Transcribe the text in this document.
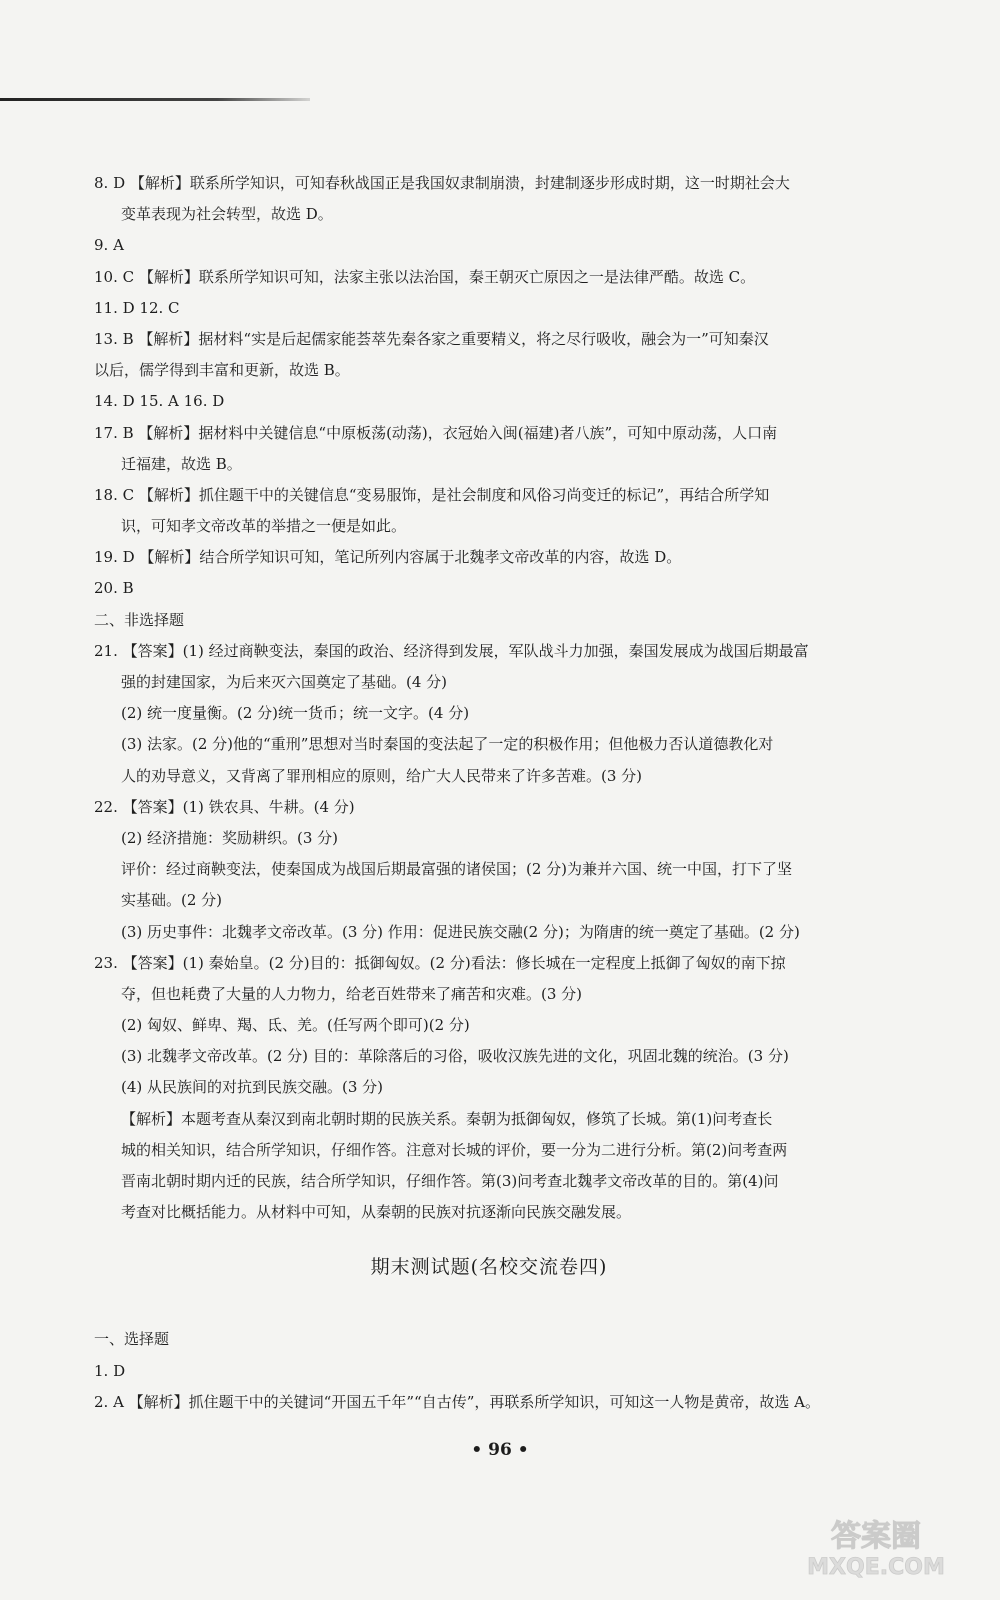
8. D 【解析】联系所学知识，可知春秋战国正是我国奴隶制崩溃，封建制逐步形成时期，这一时期社会大
变革表现为社会转型，故选 D。
9. A
10. C 【解析】联系所学知识可知，法家主张以法治国，秦王朝灭亡原因之一是法律严酷。故选 C。
11. D 12. C
13. B 【解析】据材料“实是后起儒家能荟萃先秦各家之重要精义，将之尽行吸收，融会为一”可知秦汉
以后，儒学得到丰富和更新，故选 B。
14. D 15. A 16. D
17. B 【解析】据材料中关键信息“中原板荡(动荡)，衣冠始入闽(福建)者八族”，可知中原动荡，人口南
迁福建，故选 B。
18. C 【解析】抓住题干中的关键信息“变易服饰，是社会制度和风俗习尚变迁的标记”，再结合所学知
识，可知孝文帝改革的举措之一便是如此。
19. D 【解析】结合所学知识可知，笔记所列内容属于北魏孝文帝改革的内容，故选 D。
20. B
二、非选择题
21. 【答案】(1) 经过商鞅变法，秦国的政治、经济得到发展，军队战斗力加强，秦国发展成为战国后期最富
强的封建国家，为后来灭六国奠定了基础。(4 分)
(2) 统一度量衡。(2 分)统一货币；统一文字。(4 分)
(3) 法家。(2 分)他的“重刑”思想对当时秦国的变法起了一定的积极作用；但他极力否认道德教化对
人的劝导意义，又背离了罪刑相应的原则，给广大人民带来了许多苦难。(3 分)
22. 【答案】(1) 铁农具、牛耕。(4 分)
(2) 经济措施：奖励耕织。(3 分)
评价：经过商鞅变法，使秦国成为战国后期最富强的诸侯国；(2 分)为兼并六国、统一中国，打下了坚
实基础。(2 分)
(3) 历史事件：北魏孝文帝改革。(3 分) 作用：促进民族交融(2 分)；为隋唐的统一奠定了基础。(2 分)
23. 【答案】(1) 秦始皇。(2 分)目的：抵御匈奴。(2 分)看法：修长城在一定程度上抵御了匈奴的南下掠
夺，但也耗费了大量的人力物力，给老百姓带来了痛苦和灾难。(3 分)
(2) 匈奴、鲜卑、羯、氐、羌。(任写两个即可)(2 分)
(3) 北魏孝文帝改革。(2 分) 目的：革除落后的习俗，吸收汉族先进的文化，巩固北魏的统治。(3 分)
(4) 从民族间的对抗到民族交融。(3 分)
【解析】本题考查从秦汉到南北朝时期的民族关系。秦朝为抵御匈奴，修筑了长城。第(1)问考查长
城的相关知识，结合所学知识，仔细作答。注意对长城的评价，要一分为二进行分析。第(2)问考查两
晋南北朝时期内迁的民族，结合所学知识，仔细作答。第(3)问考查北魏孝文帝改革的目的。第(4)问
考查对比概括能力。从材料中可知，从秦朝的民族对抗逐渐向民族交融发展。
期末测试题(名校交流卷四)
一、选择题
1. D
2. A 【解析】抓住题干中的关键词“开国五千年”“自古传”，再联系所学知识，可知这一人物是黄帝，故选 A。
• 96 •
答案圈
MXQE.COM
